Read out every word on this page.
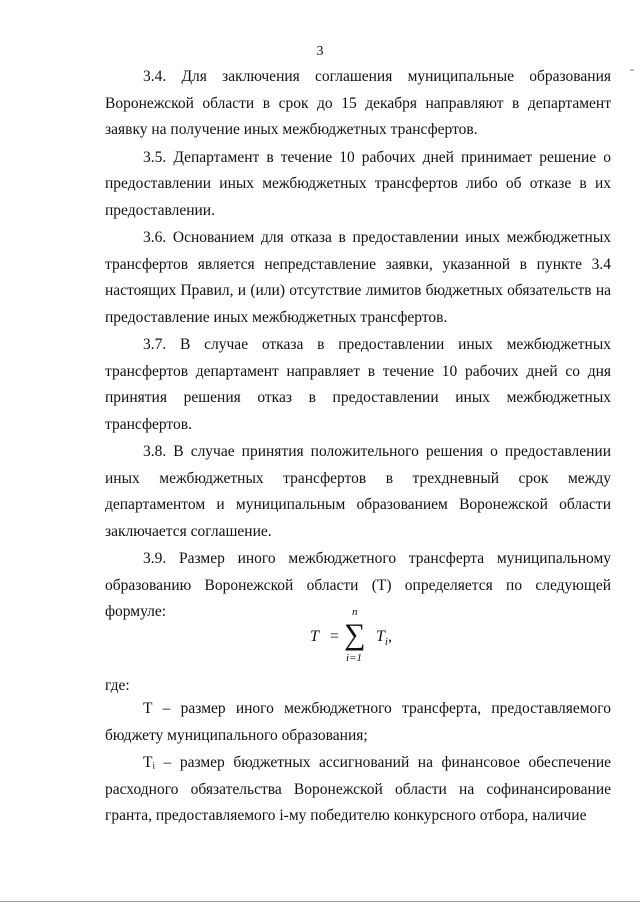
3
-

3.4. Для заключения соглашения муниципальные образования Воронежской области в срок до 15 декабря направляют в департамент заявку на получение иных межбюджетных трансфертов.

3.5. Департамент в течение 10 рабочих дней принимает решение о предоставлении иных межбюджетных трансфертов либо об отказе в их предоставлении.

3.6. Основанием для отказа в предоставлении иных межбюджетных трансфертов является непредставление заявки, указанной в пункте 3.4 настоящих Правил, и (или) отсутствие лимитов бюджетных обязательств на предоставление иных межбюджетных трансфертов.

3.7. В случае отказа в предоставлении иных межбюджетных трансфертов департамент направляет в течение 10 рабочих дней со дня принятия решения отказ в предоставлении иных межбюджетных трансфертов.

3.8. В случае принятия положительного решения о предоставлении иных межбюджетных трансфертов в трехдневный срок между департаментом и муниципальным образованием Воронежской области заключается соглашение.

3.9. Размер иного межбюджетного трансферта муниципальному образованию Воронежской области (Т) определяется по следующей формуле:

T =
n
∑
i=1
$T_i$,
где:

Т – размер иного межбюджетного трансферта, предоставляемого бюджету муниципального образования;

Tᵢ – размер бюджетных ассигнований на финансовое обеспечение расходного обязательства Воронежской области на софинансирование гранта, предоставляемого i-му победителю конкурсного отбора, наличие
